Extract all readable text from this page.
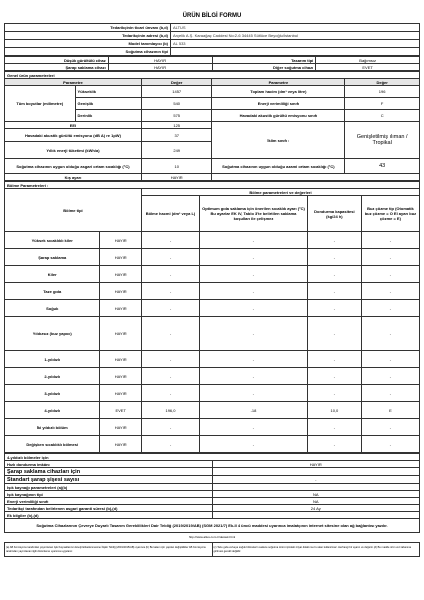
ÜRÜN BİLGİ FORMU
Tedarikçinin ticari ünvanı (b,d)	ALTUS
Tedarikçinin adresi (b,d)	Arçelik A.Ş. Karaağaç Caddesi No:2-6 34445 Sütlüce Beyoğlu/İstanbul
Model tanımlayıcı (b)	AL 533
Soğutma cihazının tipi	
Düşük gürültülü cihaz	HAYIR	Tasarım tipi	Bağımsız
Şarap saklama cihazı	HAYIR	Diğer soğutma cihazı	EVET
Genel ürün parametreleri				
Parametre		Değer	Parametre	Değer
Tüm boyutlar (milimetre)	Yükseklik	1457	Toplam hacim (dm³ veya litre)	196
	Genişlik	540	Enerji verimliliği sınıfı	F
	Derinlik	575	Havadaki akustik gürültü emisyonu sınıfı	C
EEI		125	İklim sınıfı :	Genişletilmiş ılıman / Tropikal
Havadaki akustik gürültü emisyonu (dB A) re 1pW)		37		
Yıllık enerji tüketimi (kWh/a)		249		
Soğutma cihazının uygun olduğu asgari ortam sıcaklığı (°C)		10	Soğutma cihazının uygun olduğu azami ortam sıcaklığı (°C)	43
Kış ayarı		HAYIR		
Bölme Parametreleri :					
Bölme tipi		Bölme parametreleri ve değerleri			
		Bölme hacmi (dm³ veya L)	Optimum gıda saklama için önerilen sıcaklık ayarı (°C) Bu ayarlar EK IV, Tablo 3'te belirtilen saklama koşulları ile çelişmez	Dondurma kapasitesi (kg/24 h)	Buz çözme tip (Otomatik buz çözme = O El ayarı buz çözme = E)
Yüksek sıcaklıklı kiler	HAYIR	-	-	-	-
Şarap saklama	HAYIR	-	-	-	-
Kiler	HAYIR	-	-	-	-
Taze gıda	HAYIR	-	-	-	-
Soğuk	HAYIR	-	-	-	-
Yıldızsız (buz yapıcı)	HAYIR	-	-	-	-
1-yıldızlı	HAYIR	-	-	-	-
2-yıldızlı	HAYIR	-	-	-	-
3-yıldızlı	HAYIR	-	-	-	-
4-yıldızlı	EVET	196,0	-18	10,0	E
İki yıldızlı bölüm	HAYIR	-	-	-	-
Değişken sıcaklıklı bölmesi	HAYIR	-	-	-	-
4-yıldızlı bölmeler için	
Hızlı dondurma imkânı	HAYIR
Şarap saklama cihazları için	
Standart şarap şişesi sayısı	-
Işık kaynağı parametreleri (a)(b)	
Işık kaynağının tipi	NA
Enerji verimliliği sınıfı	NA
Tedarikçi tarafından belirlenen asgari garanti süresi (b),(d)	24 Ay
Ek bilgiler (b),(d)	
Soğutma Cihazlarının Çevreye Duyarlı Tasarım Gereklilikleri Dair Tebliğ (2019/2019/AB) (SGM 2021/7) Ek-II 4 üncü maddesi uyarınca imalatçının internet sitesine olan ağ bağlantısı yazılır.	
http://www.altus.com.tr/destek.html
(a) AB Komisyonu tarafından yayımlanan Işık Kaynaklarının Enerji Etiketlenmesine İlişkin Tebliğ (2019/2015/AB) uyarınca (b) Bu kalem için yapılan değişiklikler AB Komisyonu tarafından yayımlanan ilgili düzenleme uyarınca uygulanır.	(c) Taze gıda ve/veya soğuk bölmelerin sadece soğutma ürünü içindeki ıtriyat dolabı ise bu alan kullanılmaz. Herhangi bir ayarın ve değerin (d) Bu madde ürün veri tabanına girilmesi gerekli değildir.
